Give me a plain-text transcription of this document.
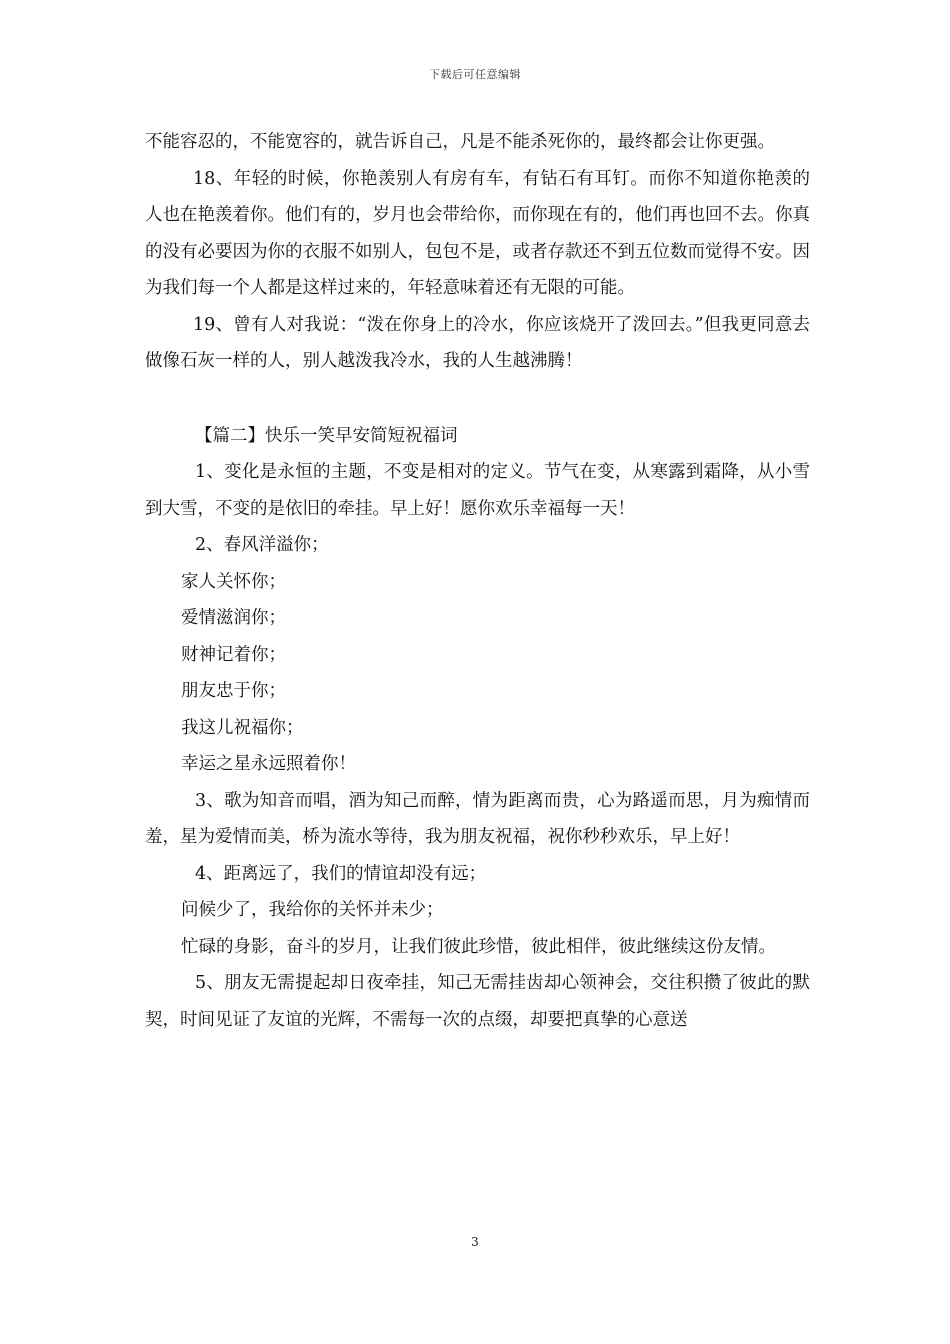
下载后可任意编辑

不能容忍的，不能宽容的，就告诉自己，凡是不能杀死你的，最终都会让你更强。

18、年轻的时候，你艳羡别人有房有车，有钻石有耳钉。而你不知道你艳羡的人也在艳羡着你。他们有的，岁月也会带给你，而你现在有的，他们再也回不去。你真的没有必要因为你的衣服不如别人，包包不是，或者存款还不到五位数而觉得不安。因为我们每一个人都是这样过来的，年轻意味着还有无限的可能。

19、曾有人对我说：“泼在你身上的冷水，你应该烧开了泼回去。”但我更同意去做像石灰一样的人，别人越泼我冷水，我的人生越沸腾！

【篇二】快乐一笑早安简短祝福词

1、变化是永恒的主题，不变是相对的定义。节气在变，从寒露到霜降，从小雪到大雪，不变的是依旧的牵挂。早上好！愿你欢乐幸福每一天！

2、春风洋溢你；

家人关怀你；

爱情滋润你；

财神记着你；

朋友忠于你；

我这儿祝福你；

幸运之星永远照着你！

3、歌为知音而唱，酒为知己而醉，情为距离而贵，心为路遥而思，月为痴情而羞，星为爱情而美，桥为流水等待，我为朋友祝福，祝你秒秒欢乐，早上好！

4、距离远了，我们的情谊却没有远；

问候少了，我给你的关怀并未少；

忙碌的身影，奋斗的岁月，让我们彼此珍惜，彼此相伴，彼此继续这份友情。

5、朋友无需提起却日夜牵挂，知己无需挂齿却心领神会，交往积攒了彼此的默契，时间见证了友谊的光辉，不需每一次的点缀，却要把真挚的心意送

3
